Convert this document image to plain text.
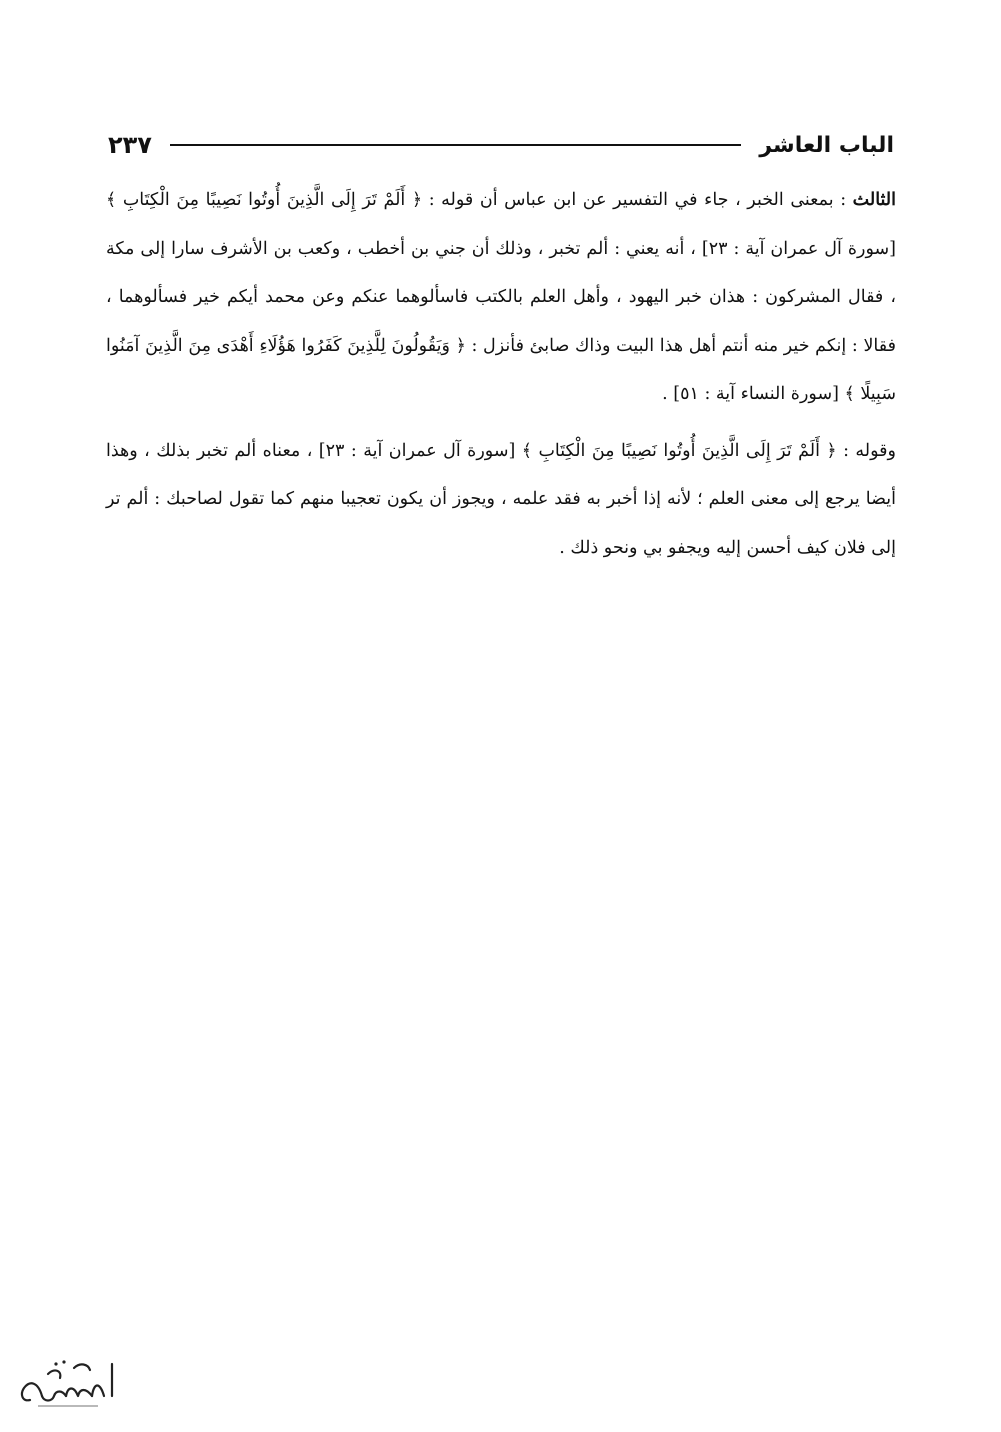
الباب العاشر
٢٣٧

الثالث : بمعنى الخبر ، جاء في التفسير عن ابن عباس أن قوله : ﴿ أَلَمْ تَرَ إِلَى الَّذِينَ أُوتُوا نَصِيبًا مِنَ الْكِتَابِ ﴾ [سورة آل عمران آية : ٢٣] ، أنه يعني : ألم تخبر ، وذلك أن جني بن أخطب ، وكعب بن الأشرف سارا إلى مكة ، فقال المشركون : هذان خبر اليهود ، وأهل العلم بالكتب فاسألوهما عنكم وعن محمد أيكم خير فسألوهما ، فقالا : إنكم خير منه أنتم أهل هذا البيت وذاك صابئ فأنزل : ﴿ وَيَقُولُونَ لِلَّذِينَ كَفَرُوا هَؤُلَاءِ أَهْدَى مِنَ الَّذِينَ آمَنُوا سَبِيلًا ﴾ [سورة النساء آية : ٥١] .

وقوله : ﴿ أَلَمْ تَرَ إِلَى الَّذِينَ أُوتُوا نَصِيبًا مِنَ الْكِتَابِ ﴾ [سورة آل عمران آية : ٢٣] ، معناه ألم تخبر بذلك ، وهذا أيضا يرجع إلى معنى العلم ؛ لأنه إذا أخبر به فقد علمه ، ويجوز أن يكون تعجيبا منهم كما تقول لصاحبك : ألم تر إلى فلان كيف أحسن إليه ويجفو بي ونحو ذلك .
